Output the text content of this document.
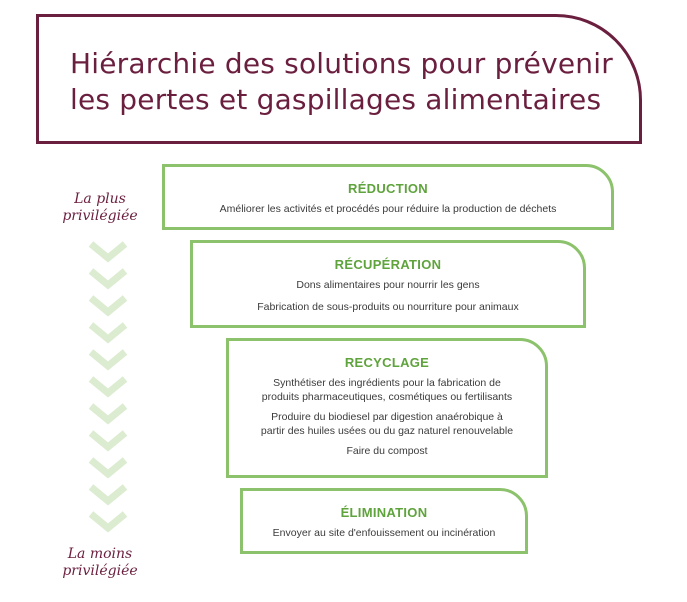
Hiérarchie des solutions pour prévenir
les pertes et gaspillages alimentaires
La plus
privilégiée
La moins
privilégiée
RÉDUCTION
Améliorer les activités et procédés pour réduire la production de déchets
RÉCUPÉRATION
Dons alimentaires pour nourrir les gens
Fabrication de sous-produits ou nourriture pour animaux
RECYCLAGE
Synthétiser des ingrédients pour la fabrication de
produits pharmaceutiques, cosmétiques ou fertilisants
Produire du biodiesel par digestion anaérobique à
partir des huiles usées ou du gaz naturel renouvelable
Faire du compost
ÉLIMINATION
Envoyer au site d'enfouissement ou incinération
